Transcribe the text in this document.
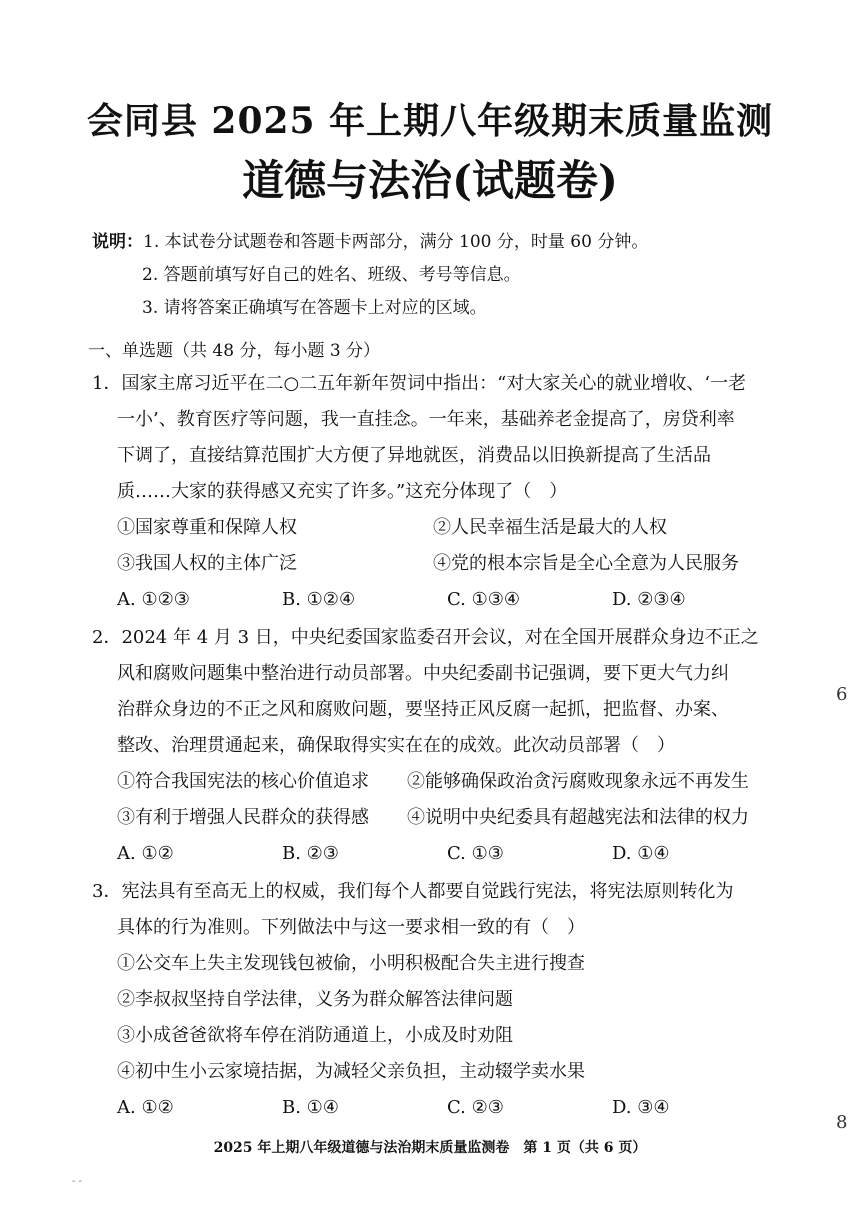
会同县 2025 年上期八年级期末质量监测
道德与法治(试题卷)
说明：1. 本试卷分试题卷和答题卡两部分，满分 100 分，时量 60 分钟。
2. 答题前填写好自己的姓名、班级、考号等信息。
3. 请将答案正确填写在答题卡上对应的区域。
一、单选题（共 48 分，每小题 3 分）
1．国家主席习近平在二○二五年新年贺词中指出：“对大家关心的就业增收、‘一老
一小’、教育医疗等问题，我一直挂念。一年来，基础养老金提高了，房贷利率
下调了，直接结算范围扩大方便了异地就医，消费品以旧换新提高了生活品
质……大家的获得感又充实了许多。”这充分体现了（　）
①国家尊重和保障人权	②人民幸福生活是最大的人权
③我国人权的主体广泛	④党的根本宗旨是全心全意为人民服务
A. ①②③	B. ①②④	C. ①③④	D. ②③④
2．2024 年 4 月 3 日，中央纪委国家监委召开会议，对在全国开展群众身边不正之
风和腐败问题集中整治进行动员部署。中央纪委副书记强调，要下更大气力纠
治群众身边的不正之风和腐败问题，要坚持正风反腐一起抓，把监督、办案、
整改、治理贯通起来，确保取得实实在在的成效。此次动员部署（　）
①符合我国宪法的核心价值追求	②能够确保政治贪污腐败现象永远不再发生
③有利于增强人民群众的获得感	④说明中央纪委具有超越宪法和法律的权力
A. ①②	B. ②③	C. ①③	D. ①④
3．宪法具有至高无上的权威，我们每个人都要自觉践行宪法，将宪法原则转化为
具体的行为准则。下列做法中与这一要求相一致的有（　）
①公交车上失主发现钱包被偷，小明积极配合失主进行搜查
②李叔叔坚持自学法律，义务为群众解答法律问题
③小成爸爸欲将车停在消防通道上，小成及时劝阻
④初中生小云家境拮据，为减轻父亲负担，主动辍学卖水果
A. ①②	B. ①④	C. ②③	D. ③④
2025 年上期八年级道德与法治期末质量监测卷　第 1 页（共 6 页）
6
8
- -
